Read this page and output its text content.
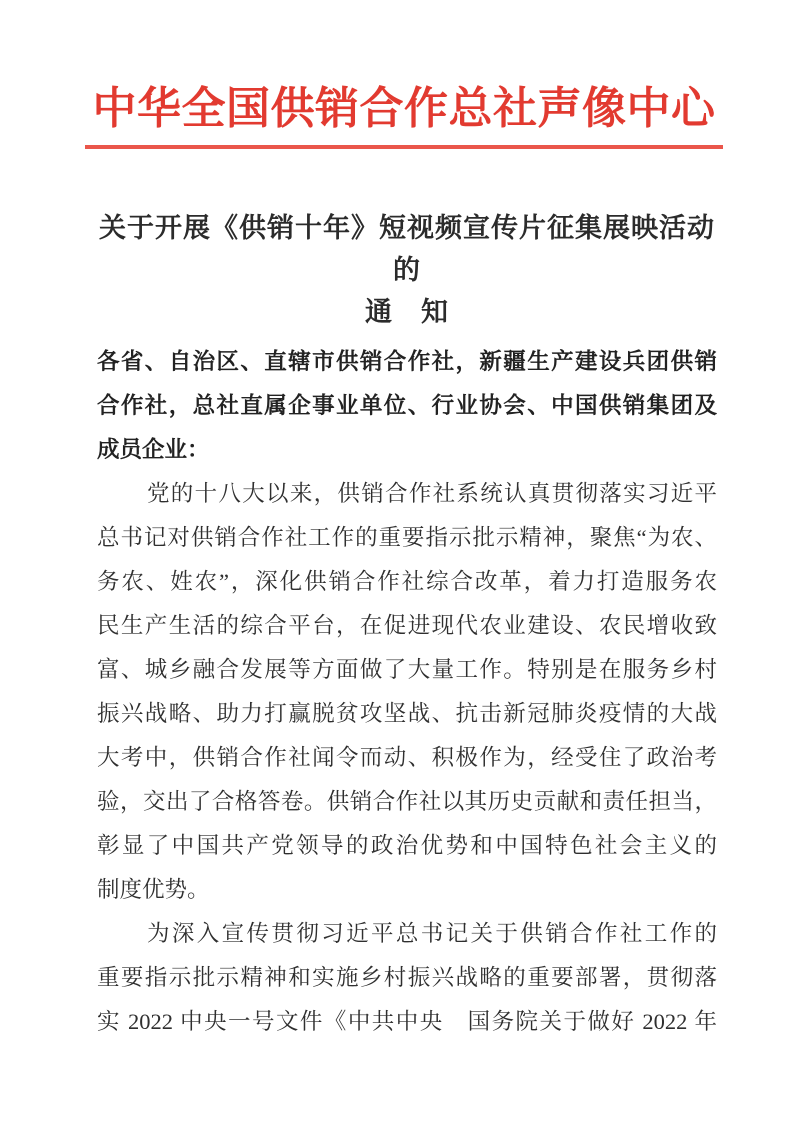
中华全国供销合作总社声像中心
关于开展《供销十年》短视频宣传片征集展映活动的
通　知
各省、自治区、直辖市供销合作社，新疆生产建设兵团供销
合作社，总社直属企事业单位、行业协会、中国供销集团及
成员企业：
党的十八大以来，供销合作社系统认真贯彻落实习近平
总书记对供销合作社工作的重要指示批示精神，聚焦“为农、
务农、姓农”，深化供销合作社综合改革，着力打造服务农
民生产生活的综合平台，在促进现代农业建设、农民增收致
富、城乡融合发展等方面做了大量工作。特别是在服务乡村
振兴战略、助力打赢脱贫攻坚战、抗击新冠肺炎疫情的大战
大考中，供销合作社闻令而动、积极作为，经受住了政治考
验，交出了合格答卷。供销合作社以其历史贡献和责任担当，
彰显了中国共产党领导的政治优势和中国特色社会主义的
制度优势。
为深入宣传贯彻习近平总书记关于供销合作社工作的
重要指示批示精神和实施乡村振兴战略的重要部署，贯彻落
实 2022 中央一号文件《中共中央　国务院关于做好 2022 年
